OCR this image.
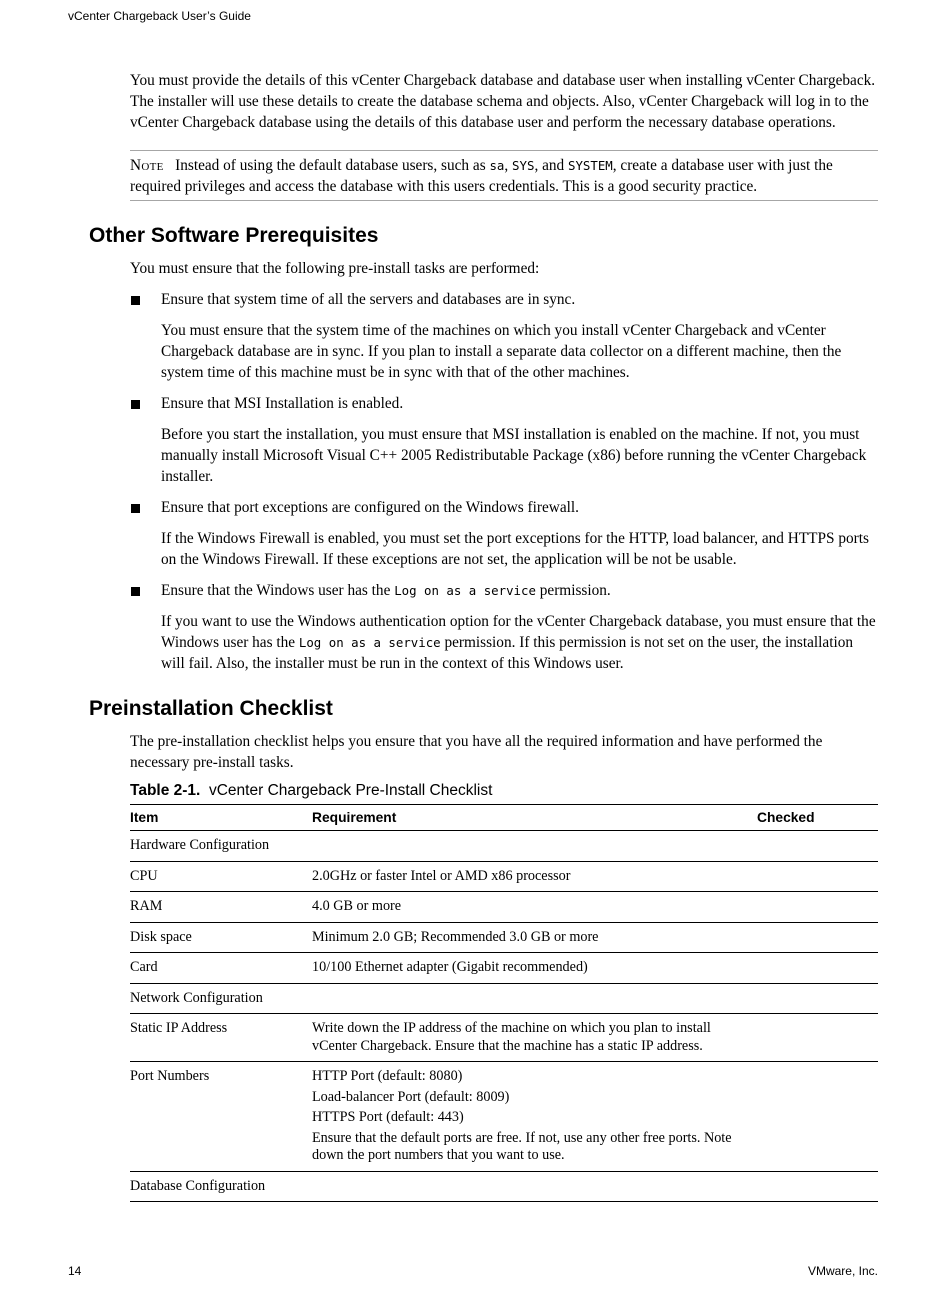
vCenter Chargeback User’s Guide

You must provide the details of this vCenter Chargeback database and database user when installing vCenter Chargeback. The installer will use these details to create the database schema and objects. Also, vCenter Chargeback will log in to the vCenter Chargeback database using the details of this database user and perform the necessary database operations.

Note Instead of using the default database users, such as sa, SYS, and SYSTEM, create a database user with just the required privileges and access the database with this users credentials. This is a good security practice.
Other Software Prerequisites

You must ensure that the following pre-install tasks are performed:

Ensure that system time of all the servers and databases are in sync.
You must ensure that the system time of the machines on which you install vCenter Chargeback and vCenter Chargeback database are in sync. If you plan to install a separate data collector on a different machine, then the system time of this machine must be in sync with that of the other machines.
Ensure that MSI Installation is enabled.
Before you start the installation, you must ensure that MSI installation is enabled on the machine. If not, you must manually install Microsoft Visual C++ 2005 Redistributable Package (x86) before running the vCenter Chargeback installer.
Ensure that port exceptions are configured on the Windows firewall.
If the Windows Firewall is enabled, you must set the port exceptions for the HTTP, load balancer, and HTTPS ports on the Windows Firewall. If these exceptions are not set, the application will be not be usable.
Ensure that the Windows user has the Log on as a service permission.
If you want to use the Windows authentication option for the vCenter Chargeback database, you must ensure that the Windows user has the Log on as a service permission. If this permission is not set on the user, the installation will fail. Also, the installer must be run in the context of this Windows user.
Preinstallation Checklist

The pre-installation checklist helps you ensure that you have all the required information and have performed the necessary pre-install tasks.

Table 2-1. vCenter Chargeback Pre-Install Checklist

Item	Requirement	Checked
Hardware Configuration		
CPU	2.0GHz or faster Intel or AMD x86 processor	

RAM	4.0 GB or more	

Disk space	Minimum 2.0 GB; Recommended 3.0 GB or more	

Card	10/100 Ethernet adapter (Gigabit recommended)	

Network Configuration		
Static IP Address	Write down the IP address of the machine on which you plan to install vCenter Chargeback. Ensure that the machine has a static IP address.	

Port Numbers	HTTP Port (default: 8080)
Load-balancer Port (default: 8009)
HTTPS Port (default: 443)
Ensure that the default ports are free. If not, use any other free ports. Note down the port numbers that you want to use.	

Database Configuration		
14	VMware, Inc.
